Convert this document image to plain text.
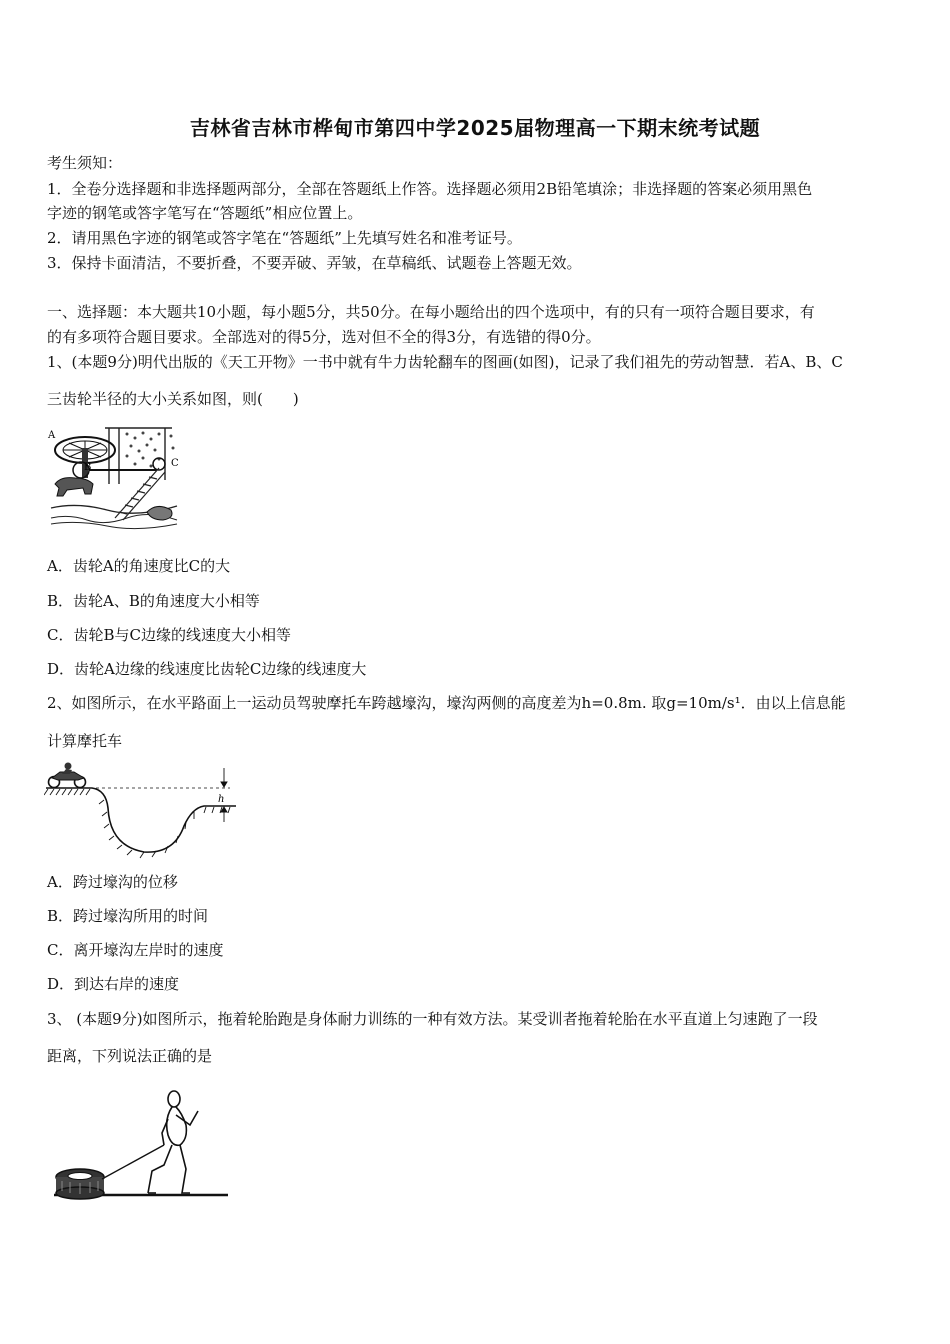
吉林省吉林市桦甸市第四中学2025届物理高一下期末统考试题
考生须知：
1．全卷分选择题和非选择题两部分，全部在答题纸上作答。选择题必须用2B铅笔填涂；非选择题的答案必须用黑色
字迹的钢笔或答字笔写在“答题纸”相应位置上。
2．请用黑色字迹的钢笔或答字笔在“答题纸”上先填写姓名和准考证号。
3．保持卡面清洁，不要折叠，不要弄破、弄皱，在草稿纸、试题卷上答题无效。
一、选择题：本大题共10小题，每小题5分，共50分。在每小题给出的四个选项中，有的只有一项符合题目要求，有
的有多项符合题目要求。全部选对的得5分，选对但不全的得3分，有选错的得0分。
1、(本题9分)明代出版的《天工开物》一书中就有牛力齿轮翻车的图画(如图)，记录了我们祖先的劳动智慧．若A、B、C
三齿轮半径的大小关系如图，则(　　)
A
B	C
A．齿轮A的角速度比C的大
B．齿轮A、B的角速度大小相等
C．齿轮B与C边缘的线速度大小相等
D．齿轮A边缘的线速度比齿轮C边缘的线速度大
2、如图所示，在水平路面上一运动员驾驶摩托车跨越壕沟，壕沟两侧的高度差为h=0.8m. 取g=10m/s¹．由以上信息能
计算摩托车
h
A．跨过壕沟的位移
B．跨过壕沟所用的时间
C．离开壕沟左岸时的速度
D．到达右岸的速度
3、 (本题9分)如图所示，拖着轮胎跑是身体耐力训练的一种有效方法。某受训者拖着轮胎在水平直道上匀速跑了一段
距离，下列说法正确的是
